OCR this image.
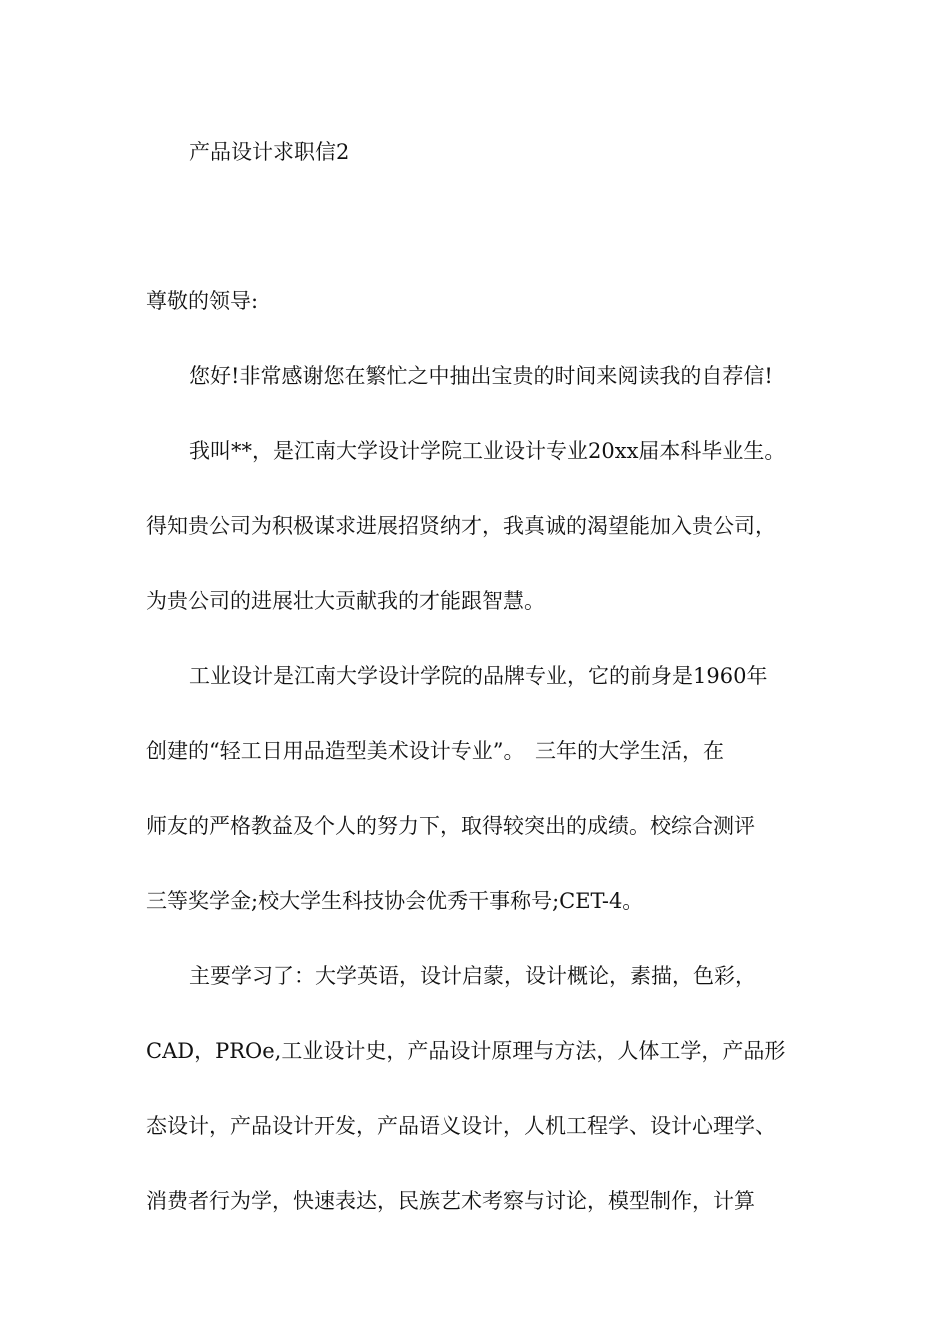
产品设计求职信2

尊敬的领导:

您好!非常感谢您在繁忙之中抽出宝贵的时间来阅读我的自荐信!

我叫**，是江南大学设计学院工业设计专业20xx届本科毕业生。

得知贵公司为积极谋求进展招贤纳才，我真诚的渴望能加入贵公司，

为贵公司的进展壮大贡献我的才能跟智慧。

工业设计是江南大学设计学院的品牌专业，它的前身是1960年

创建的“轻工日用品造型美术设计专业”。　三年的大学生活，在

师友的严格教益及个人的努力下，取得较突出的成绩。校综合测评

三等奖学金;校大学生科技协会优秀干事称号;CET-4。

主要学习了：大学英语，设计启蒙，设计概论，素描，色彩，

CAD，PROe,工业设计史，产品设计原理与方法，人体工学，产品形

态设计，产品设计开发，产品语义设计，人机工程学、设计心理学、

消费者行为学，快速表达，民族艺术考察与讨论，模型制作，计算
